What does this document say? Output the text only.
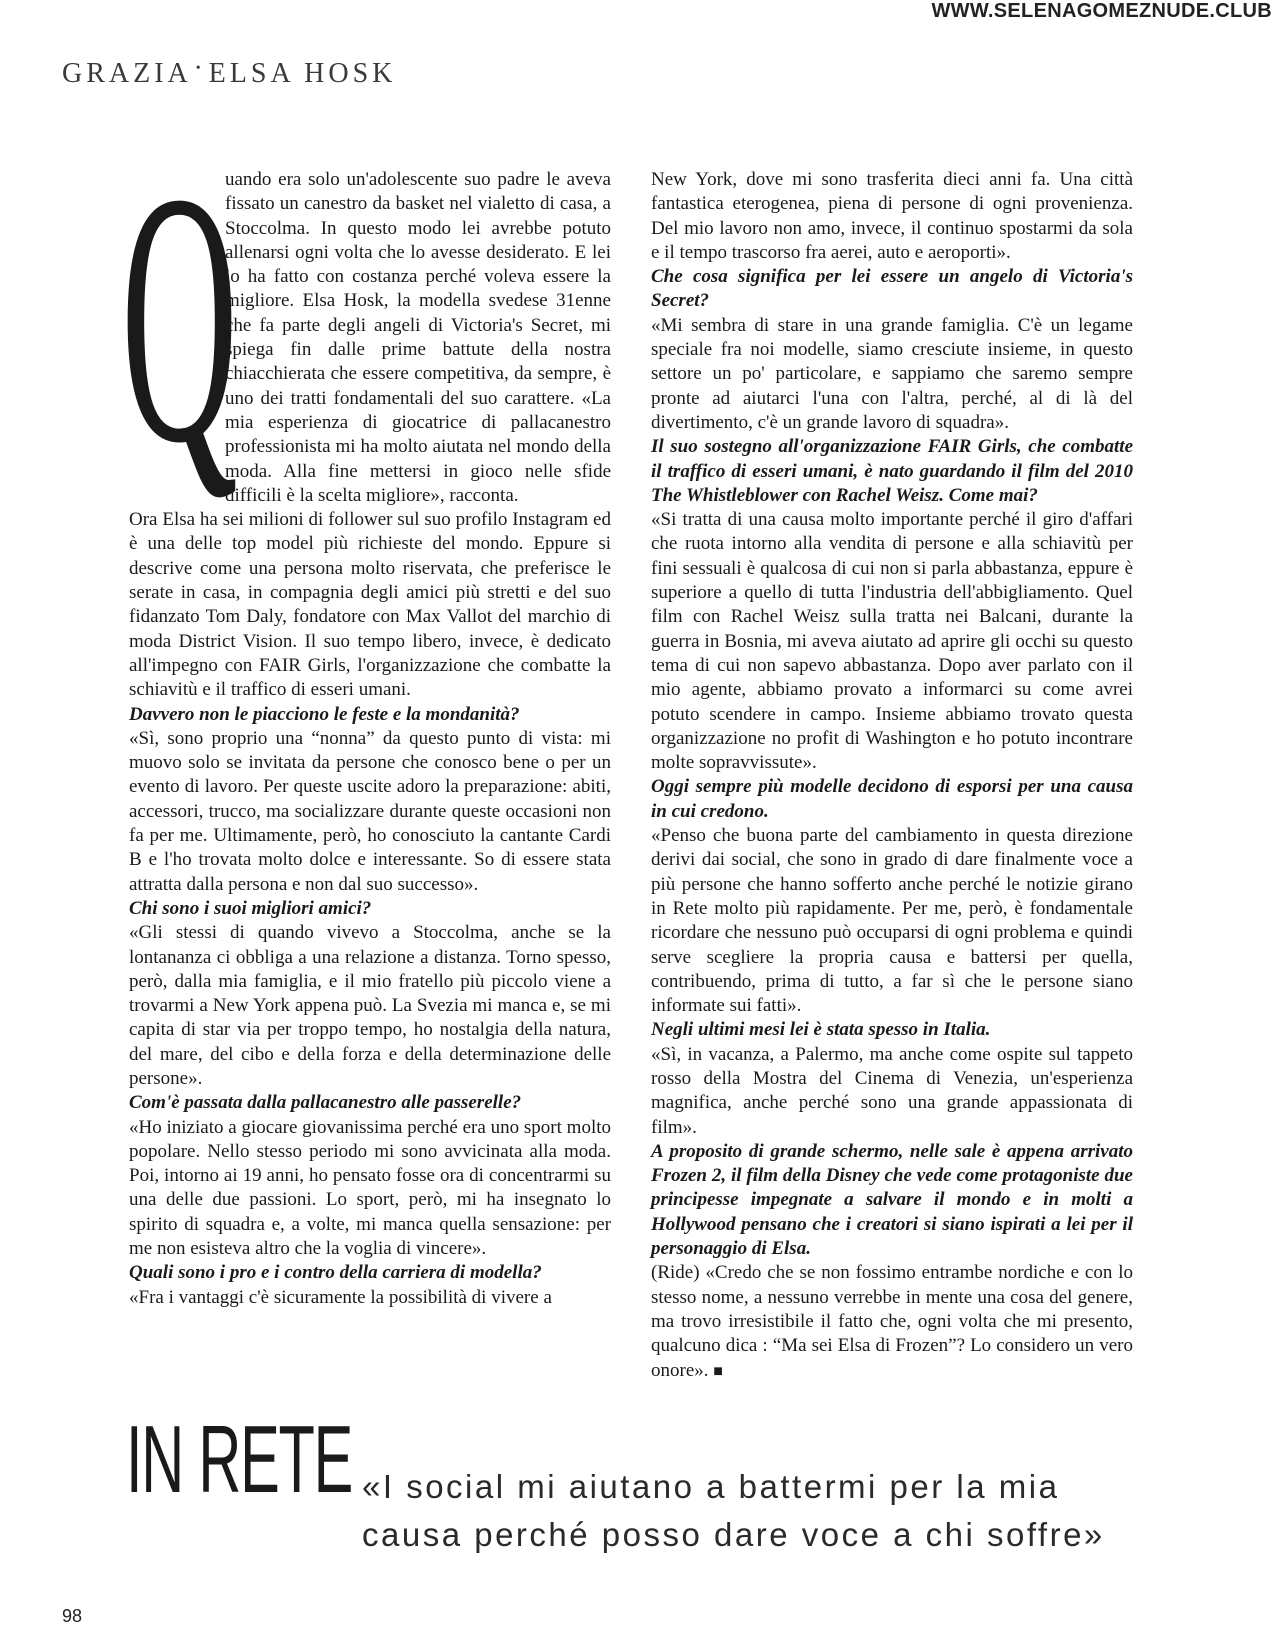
WWW.SELENAGOMEZNUDE.CLUB
GRAZIA • ELSA HOSK
Q

uando era solo un'adolescente suo padre le aveva fissato un canestro da basket nel vialetto di casa, a Stoccolma. In questo modo lei avrebbe potuto allenarsi ogni volta che lo avesse desiderato. E lei lo ha fatto con costanza perché voleva essere la migliore. Elsa Hosk, la modella svedese 31enne che fa parte degli angeli di Victoria's Secret, mi spiega fin dalle prime battute della nostra chiacchierata che essere competitiva, da sempre, è uno dei tratti fondamentali del suo carattere. «La mia esperienza di giocatrice di pallacanestro professionista mi ha molto aiutata nel mondo della moda. Alla fine mettersi in gioco nelle sfide difficili è la scelta migliore», racconta.

Ora Elsa ha sei milioni di follower sul suo profilo Instagram ed è una delle top model più richieste del mondo. Eppure si descrive come una persona molto riservata, che preferisce le serate in casa, in compagnia degli amici più stretti e del suo fidanzato Tom Daly, fondatore con Max Vallot del marchio di moda District Vision. Il suo tempo libero, invece, è dedicato all'impegno con FAIR Girls, l'organizzazione che combatte la schiavitù e il traffico di esseri umani.

Davvero non le piacciono le feste e la mondanità?

«Sì, sono proprio una “nonna” da questo punto di vista: mi muovo solo se invitata da persone che conosco bene o per un evento di lavoro. Per queste uscite adoro la preparazione: abiti, accessori, trucco, ma socializzare durante queste occasioni non fa per me. Ultimamente, però, ho conosciuto la cantante Cardi B e l'ho trovata molto dolce e interessante. So di essere stata attratta dalla persona e non dal suo successo».

Chi sono i suoi migliori amici?

«Gli stessi di quando vivevo a Stoccolma, anche se la lontananza ci obbliga a una relazione a distanza. Torno spesso, però, dalla mia famiglia, e il mio fratello più piccolo viene a trovarmi a New York appena può. La Svezia mi manca e, se mi capita di star via per troppo tempo, ho nostalgia della natura, del mare, del cibo e della forza e della determinazione delle persone».

Com'è passata dalla pallacanestro alle passerelle?

«Ho iniziato a giocare giovanissima perché era uno sport molto popolare. Nello stesso periodo mi sono avvicinata alla moda. Poi, intorno ai 19 anni, ho pensato fosse ora di concentrarmi su una delle due passioni. Lo sport, però, mi ha insegnato lo spirito di squadra e, a volte, mi manca quella sensazione: per me non esisteva altro che la voglia di vincere».

Quali sono i pro e i contro della carriera di modella?

«Fra i vantaggi c'è sicuramente la possibilità di vivere a

New York, dove mi sono trasferita dieci anni fa. Una città fantastica eterogenea, piena di persone di ogni provenienza. Del mio lavoro non amo, invece, il continuo spostarmi da sola e il tempo trascorso fra aerei, auto e aeroporti».

Che cosa significa per lei essere un angelo di Victoria's Secret?

«Mi sembra di stare in una grande famiglia. C'è un legame speciale fra noi modelle, siamo cresciute insieme, in questo settore un po' particolare, e sappiamo che saremo sempre pronte ad aiutarci l'una con l'altra, perché, al di là del divertimento, c'è un grande lavoro di squadra».

Il suo sostegno all'organizzazione FAIR Girls, che combatte il traffico di esseri umani, è nato guardando il film del 2010 The Whistleblower con Rachel Weisz. Come mai?

«Si tratta di una causa molto importante perché il giro d'affari che ruota intorno alla vendita di persone e alla schiavitù per fini sessuali è qualcosa di cui non si parla abbastanza, eppure è superiore a quello di tutta l'industria dell'abbigliamento. Quel film con Rachel Weisz sulla tratta nei Balcani, durante la guerra in Bosnia, mi aveva aiutato ad aprire gli occhi su questo tema di cui non sapevo abbastanza. Dopo aver parlato con il mio agente, abbiamo provato a informarci su come avrei potuto scendere in campo. Insieme abbiamo trovato questa organizzazione no profit di Washington e ho potuto incontrare molte sopravvissute».

Oggi sempre più modelle decidono di esporsi per una causa in cui credono.

«Penso che buona parte del cambiamento in questa direzione derivi dai social, che sono in grado di dare finalmente voce a più persone che hanno sofferto anche perché le notizie girano in Rete molto più rapidamente. Per me, però, è fondamentale ricordare che nessuno può occuparsi di ogni problema e quindi serve scegliere la propria causa e battersi per quella, contribuendo, prima di tutto, a far sì che le persone siano informate sui fatti».

Negli ultimi mesi lei è stata spesso in Italia.

«Sì, in vacanza, a Palermo, ma anche come ospite sul tappeto rosso della Mostra del Cinema di Venezia, un'esperienza magnifica, anche perché sono una grande appassionata di film».

A proposito di grande schermo, nelle sale è appena arrivato Frozen 2, il film della Disney che vede come protagoniste due principesse impegnate a salvare il mondo e in molti a Hollywood pensano che i creatori si siano ispirati a lei per il personaggio di Elsa.

(Ride) «Credo che se non fossimo entrambe nordiche e con lo stesso nome, a nessuno verrebbe in mente una cosa del genere, ma trovo irresistibile il fatto che, ogni volta che mi presento, qualcuno dica : “Ma sei Elsa di Frozen”? Lo considero un vero onore». ■

IN RETE «I social mi aiutano a battermi per la mia causa perché posso dare voce a chi soffre»
98
